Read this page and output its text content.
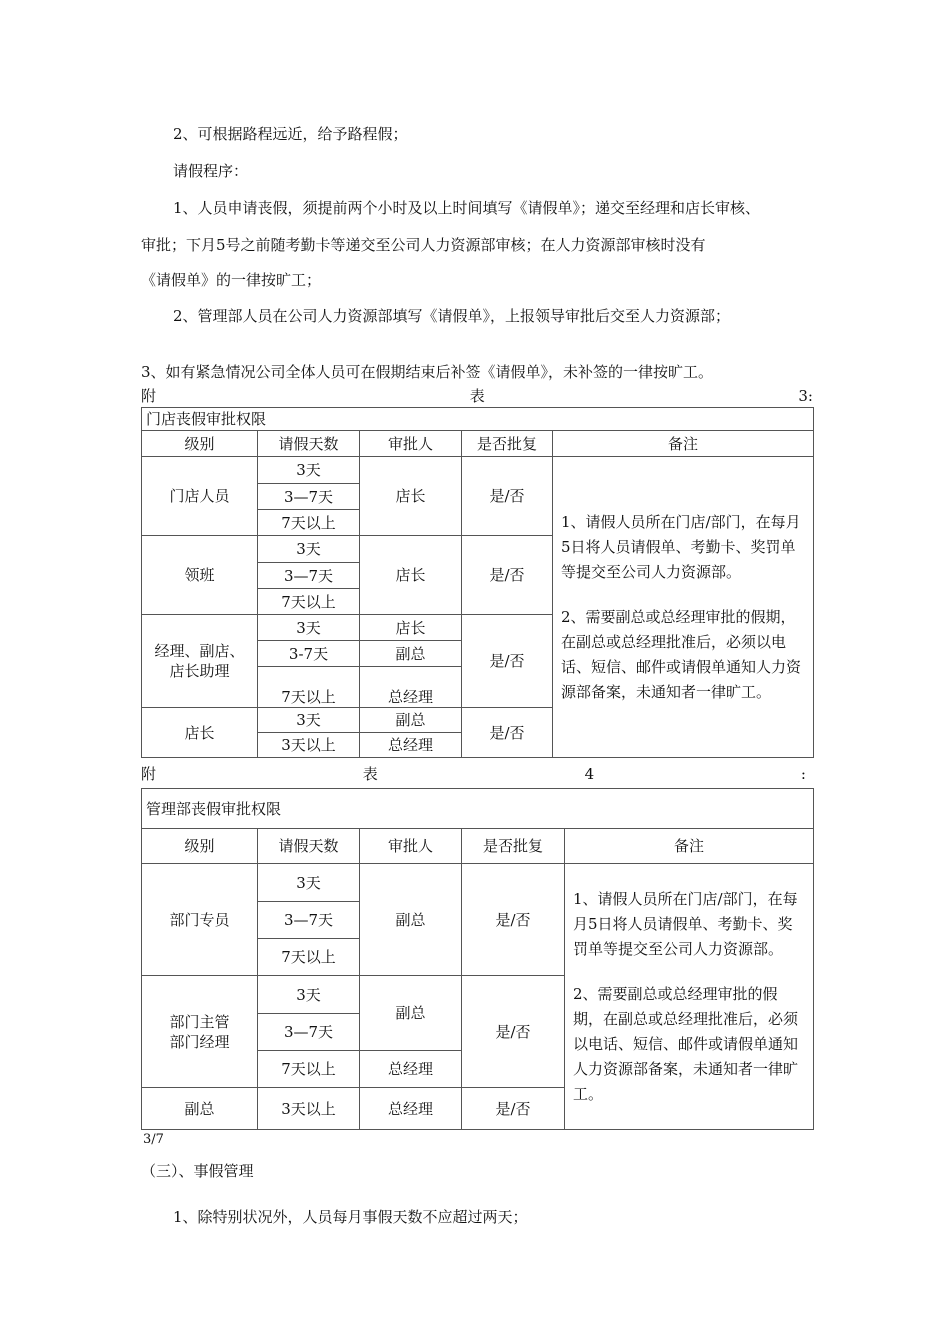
2、可根据路程远近，给予路程假；
请假程序：
1、人员申请丧假，须提前两个小时及以上时间填写《请假单》；递交至经理和店长审核、
审批；下月5号之前随考勤卡等递交至公司人力资源部审核；在人力资源部审核时没有
《请假单》的一律按旷工；
2、管理部人员在公司人力资源部填写《请假单》，上报领导审批后交至人力资源部；
3、如有紧急情况公司全体人员可在假期结束后补签《请假单》，未补签的一律按旷工。
附	表	3:
门店丧假审批权限				
级别	请假天数	审批人	是否批复	备注
门店人员	3天	店长	是/否	1、请假人员所在门店/部门，在每月5日将人员请假单、考勤卡、奖罚单等提交至公司人力资源部。

2、需要副总或总经理审批的假期，在副总或总经理批准后，必须以电话、短信、邮件或请假单通知人力资源部备案，未通知者一律旷工。

	3—7天			
	7天以上			
领班	3天	店长	是/否	
	3—7天			
	7天以上			
经理、副店、
店长助理	3天	店长	是/否	
	3-7天	副总		
	7天以上	总经理		
店长	3天	副总	是/否	
	3天以上	总经理		
附	表	4	:
管理部丧假审批权限				
级别	请假天数	审批人	是否批复	备注
部门专员	3天	副总	是/否	1、请假人员所在门店/部门，在每月5日将人员请假单、考勤卡、奖罚单等提交至公司人力资源部。

2、需要副总或总经理审批的假期，在副总或总经理批准后，必须以电话、短信、邮件或请假单通知人力资源部备案，未通知者一律旷工。

	3—7天			
	7天以上			
部门主管
部门经理	3天	副总	是/否	
	3—7天			
	7天以上	总经理		
副总	3天以上	总经理	是/否	
3/7
（三）、事假管理
1、除特别状况外，人员每月事假天数不应超过两天；
